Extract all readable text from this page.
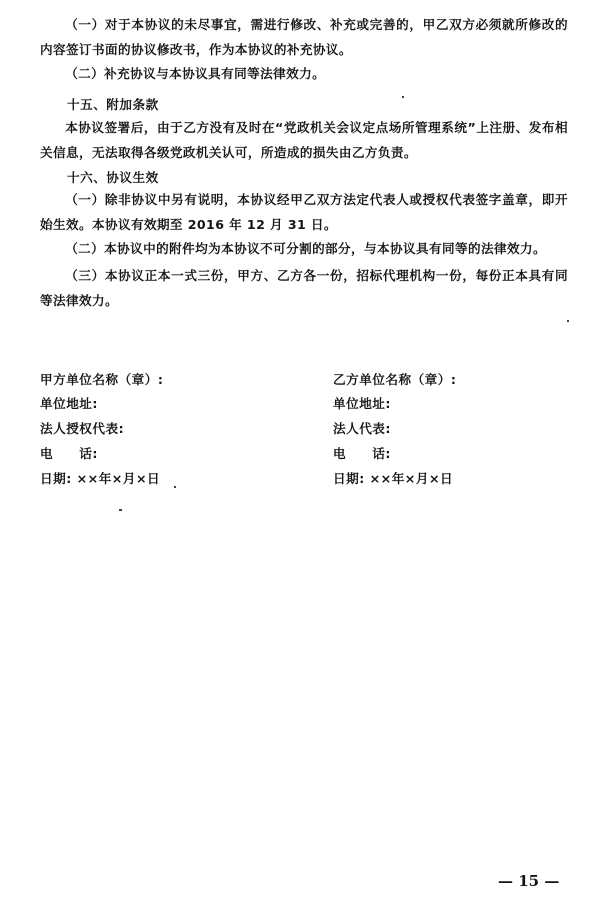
（一）对于本协议的未尽事宜，需进行修改、补充或完善的，甲乙双方必须就所修改的内容签订书面的协议修改书，作为本协议的补充协议。
（二）补充协议与本协议具有同等法律效力。
十五、附加条款
本协议签署后，由于乙方没有及时在“党政机关会议定点场所管理系统”上注册、发布相关信息，无法取得各级党政机关认可，所造成的损失由乙方负责。
十六、协议生效
（一）除非协议中另有说明，本协议经甲乙双方法定代表人或授权代表签字盖章，即开始生效。本协议有效期至 2016 年 12 月 31 日。
（二）本协议中的附件均为本协议不可分割的部分，与本协议具有同等的法律效力。
（三）本协议正本一式三份，甲方、乙方各一份，招标代理机构一份，每份正本具有同等法律效力。
甲方单位名称（章）:
单位地址:
法人授权代表:
电　　话:
日期: ××年×月×日
乙方单位名称（章）:
单位地址:
法人代表:
电　　话:
日期: ××年×月×日
— 15 —
